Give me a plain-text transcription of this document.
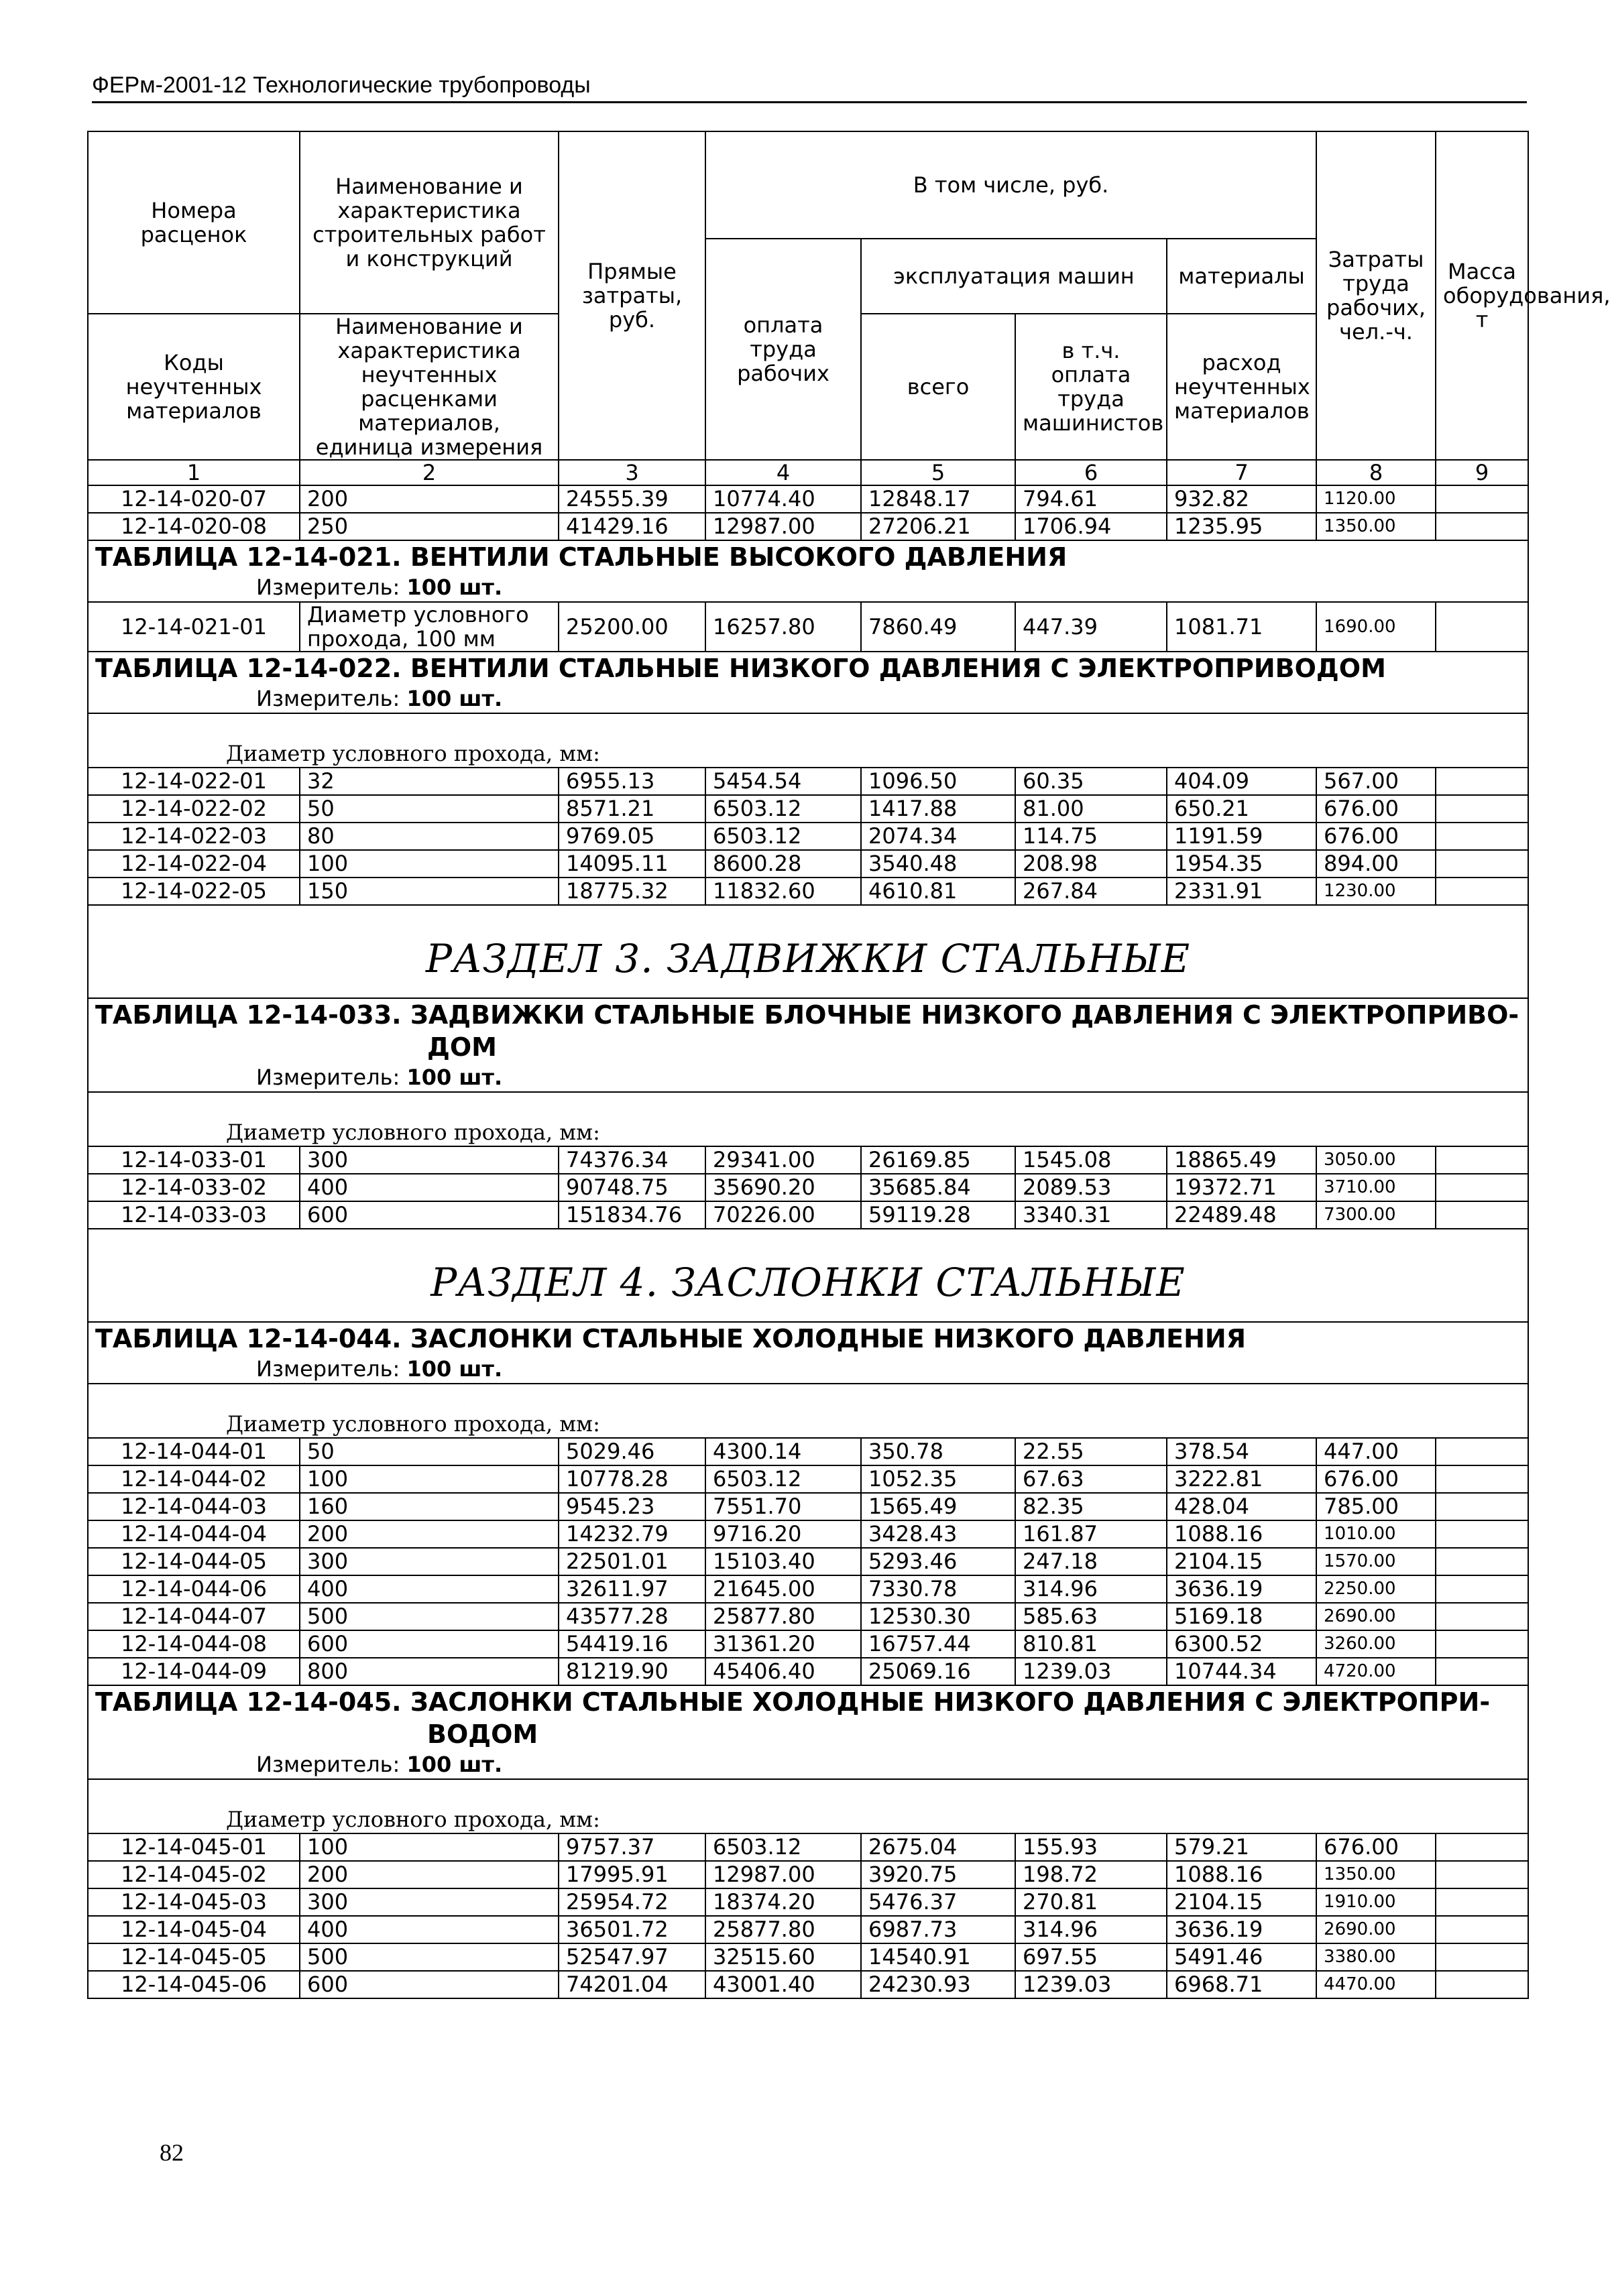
ФЕРм-2001-12 Технологические трубопроводы
Номера расценок	Наименование и характеристика строительных работ и конструкций	Прямые затраты, руб.	В том числе, руб.				Затраты труда рабочих, чел.-ч.	Масса оборудования, т
			оплата труда рабочих	эксплуатация машин		материалы		

Коды неучтенных материалов	Наименование и характеристика неучтенных расценками материалов, единица измерения			всего	в т.ч. оплата труда машинистов	расход неучтенных материалов		
1	2	3	4	5	6	7	8	9
12-14-020-07	200	24555.39	10774.40	12848.17	794.61	932.82	1120.00	
12-14-020-08	250	41429.16	12987.00	27206.21	1706.94	1235.95	1350.00	

ТАБЛИЦА 12-14-021. ВЕНТИЛИ СТАЛЬНЫЕ ВЫСОКОГО ДАВЛЕНИЯ
Измеритель: 100 шт.								

12-14-021-01	Диаметр условного прохода, 100 мм	25200.00	16257.80	7860.49	447.39	1081.71	1690.00	

ТАБЛИЦА 12-14-022. ВЕНТИЛИ СТАЛЬНЫЕ НИЗКОГО ДАВЛЕНИЯ С ЭЛЕКТРОПРИВОДОМ
Измеритель: 100 шт.								

Диаметр условного прохода, мм:								
12-14-022-01	32	6955.13	5454.54	1096.50	60.35	404.09	567.00	
12-14-022-02	50	8571.21	6503.12	1417.88	81.00	650.21	676.00	
12-14-022-03	80	9769.05	6503.12	2074.34	114.75	1191.59	676.00	
12-14-022-04	100	14095.11	8600.28	3540.48	208.98	1954.35	894.00	
12-14-022-05	150	18775.32	11832.60	4610.81	267.84	2331.91	1230.00	
РАЗДЕЛ 3. ЗАДВИЖКИ СТАЛЬНЫЕ								

ТАБЛИЦА 12-14-033. ЗАДВИЖКИ СТАЛЬНЫЕ БЛОЧНЫЕ НИЗКОГО ДАВЛЕНИЯ С ЭЛЕКТРОПРИВО-
ДОМ
Измеритель: 100 шт.								

Диаметр условного прохода, мм:								
12-14-033-01	300	74376.34	29341.00	26169.85	1545.08	18865.49	3050.00	
12-14-033-02	400	90748.75	35690.20	35685.84	2089.53	19372.71	3710.00	
12-14-033-03	600	151834.76	70226.00	59119.28	3340.31	22489.48	7300.00	
РАЗДЕЛ 4. ЗАСЛОНКИ СТАЛЬНЫЕ								

ТАБЛИЦА 12-14-044. ЗАСЛОНКИ СТАЛЬНЫЕ ХОЛОДНЫЕ НИЗКОГО ДАВЛЕНИЯ
Измеритель: 100 шт.								

Диаметр условного прохода, мм:								
12-14-044-01	50	5029.46	4300.14	350.78	22.55	378.54	447.00	
12-14-044-02	100	10778.28	6503.12	1052.35	67.63	3222.81	676.00	
12-14-044-03	160	9545.23	7551.70	1565.49	82.35	428.04	785.00	
12-14-044-04	200	14232.79	9716.20	3428.43	161.87	1088.16	1010.00	
12-14-044-05	300	22501.01	15103.40	5293.46	247.18	2104.15	1570.00	
12-14-044-06	400	32611.97	21645.00	7330.78	314.96	3636.19	2250.00	
12-14-044-07	500	43577.28	25877.80	12530.30	585.63	5169.18	2690.00	
12-14-044-08	600	54419.16	31361.20	16757.44	810.81	6300.52	3260.00	
12-14-044-09	800	81219.90	45406.40	25069.16	1239.03	10744.34	4720.00	

ТАБЛИЦА 12-14-045. ЗАСЛОНКИ СТАЛЬНЫЕ ХОЛОДНЫЕ НИЗКОГО ДАВЛЕНИЯ С ЭЛЕКТРОПРИ-
ВОДОМ
Измеритель: 100 шт.								

Диаметр условного прохода, мм:								
12-14-045-01	100	9757.37	6503.12	2675.04	155.93	579.21	676.00	
12-14-045-02	200	17995.91	12987.00	3920.75	198.72	1088.16	1350.00	
12-14-045-03	300	25954.72	18374.20	5476.37	270.81	2104.15	1910.00	
12-14-045-04	400	36501.72	25877.80	6987.73	314.96	3636.19	2690.00	
12-14-045-05	500	52547.97	32515.60	14540.91	697.55	5491.46	3380.00	
12-14-045-06	600	74201.04	43001.40	24230.93	1239.03	6968.71	4470.00	
82
